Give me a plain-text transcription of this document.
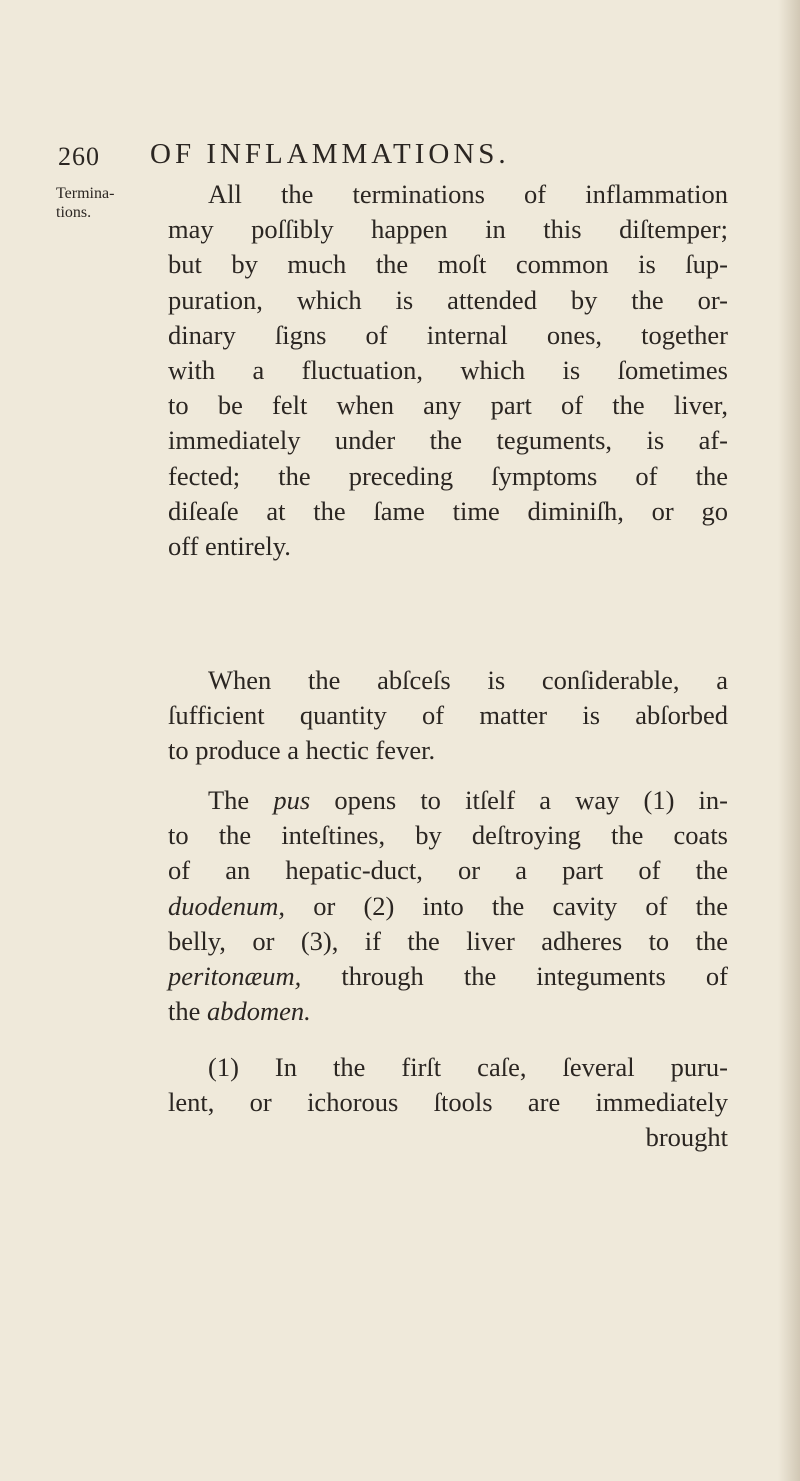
260 OF INFLAMMATIONS.
Termina-
tions.
All the terminations of inflammation
may poſſibly happen in this diſtemper;
but by much the moſt common is ſup-
puration, which is attended by the or-
dinary ſigns of internal ones, together
with a fluctuation, which is ſometimes
to be felt when any part of the liver,
immediately under the teguments, is af-
fected; the preceding ſymptoms of the
diſeaſe at the ſame time diminiſh, or go
off entirely.
When the abſceſs is conſiderable, a
ſufficient quantity of matter is abſorbed
to produce a hectic fever.
The pus opens to itſelf a way (1) in-
to the inteſtines, by deſtroying the coats
of an hepatic-duct, or a part of the
duodenum, or (2) into the cavity of the
belly, or (3), if the liver adheres to the
peritonæum, through the integuments of
the abdomen.
(1) In the firſt caſe, ſeveral puru-
lent, or ichorous ſtools are immediately
brought
